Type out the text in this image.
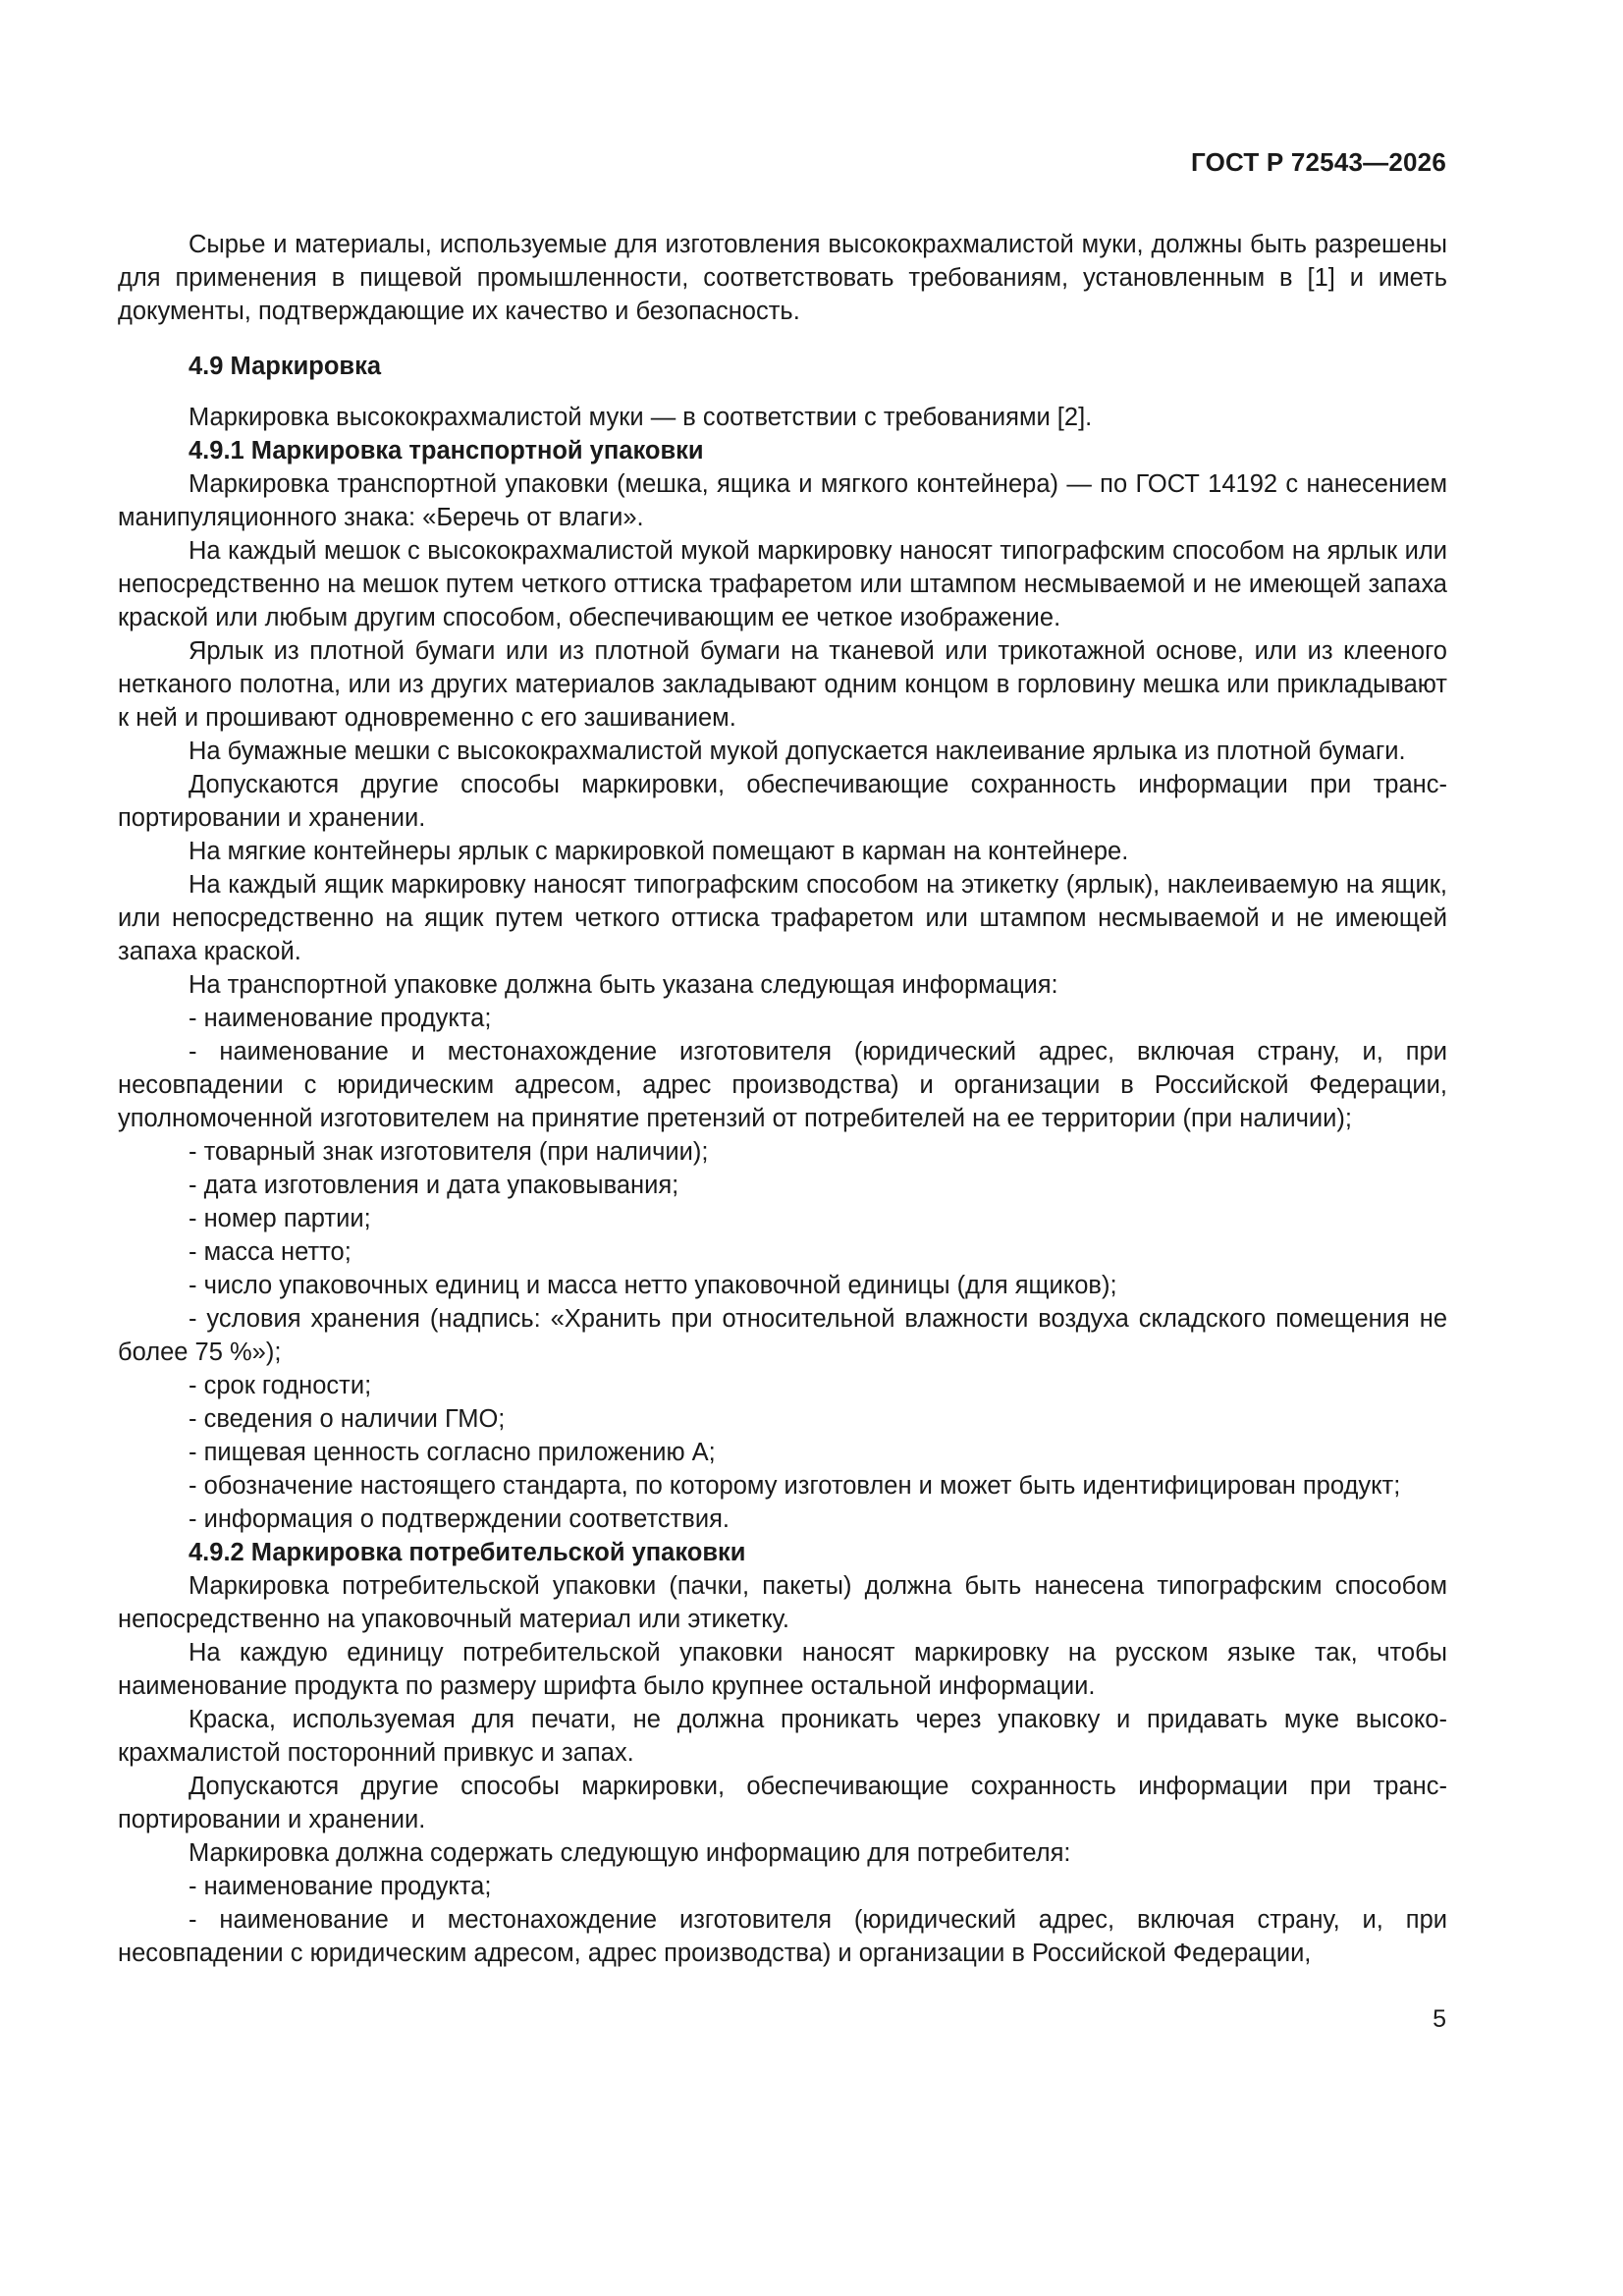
ГОСТ Р 72543—2026

Сырье и материалы, используемые для изготовления высококрахмалистой муки, должны быть разрешены для применения в пищевой промышленности, соответствовать требованиям, установленным в [1] и иметь документы, подтверждающие их качество и безопасность.

4.9 Маркировка

Маркировка высококрахмалистой муки — в соответствии с требованиями [2].

4.9.1 Маркировка транспортной упаковки

Маркировка транспортной упаковки (мешка, ящика и мягкого контейнера) — по ГОСТ 14192 с нанесением манипуляционного знака: «Беречь от влаги».

На каждый мешок с высококрахмалистой мукой маркировку наносят типографским способом на ярлык или непосредственно на мешок путем четкого оттиска трафаретом или штампом несмываемой и не имеющей запаха краской или любым другим способом, обеспечивающим ее четкое изображение.

Ярлык из плотной бумаги или из плотной бумаги на тканевой или трикотажной основе, или из клееного нетканого полотна, или из других материалов закладывают одним концом в горловину мешка или прикладывают к ней и прошивают одновременно с его зашиванием.

На бумажные мешки с высококрахмалистой мукой допускается наклеивание ярлыка из плотной бумаги.

Допускаются другие способы маркировки, обеспечивающие сохранность информации при транспортировании и хранении.

На мягкие контейнеры ярлык с маркировкой помещают в карман на контейнере.

На каждый ящик маркировку наносят типографским способом на этикетку (ярлык), наклеиваемую на ящик, или непосредственно на ящик путем четкого оттиска трафаретом или штампом несмываемой и не имеющей запаха краской.

На транспортной упаковке должна быть указана следующая информация:

- наименование продукта;

- наименование и местонахождение изготовителя (юридический адрес, включая страну, и, при несовпадении с юридическим адресом, адрес производства) и организации в Российской Федерации, уполномоченной изготовителем на принятие претензий от потребителей на ее территории (при наличии);

- товарный знак изготовителя (при наличии);

- дата изготовления и дата упаковывания;

- номер партии;

- масса нетто;

- число упаковочных единиц и масса нетто упаковочной единицы (для ящиков);

- условия хранения (надпись: «Хранить при относительной влажности воздуха складского помещения не более 75 %»);

- срок годности;

- сведения о наличии ГМО;

- пищевая ценность согласно приложению А;

- обозначение настоящего стандарта, по которому изготовлен и может быть идентифицирован продукт;

- информация о подтверждении соответствия.

4.9.2 Маркировка потребительской упаковки

Маркировка потребительской упаковки (пачки, пакеты) должна быть нанесена типографским способом непосредственно на упаковочный материал или этикетку.

На каждую единицу потребительской упаковки наносят маркировку на русском языке так, чтобы наименование продукта по размеру шрифта было крупнее остальной информации.

Краска, используемая для печати, не должна проникать через упаковку и придавать муке высококрахмалистой посторонний привкус и запах.

Допускаются другие способы маркировки, обеспечивающие сохранность информации при транспортировании и хранении.

Маркировка должна содержать следующую информацию для потребителя:

- наименование продукта;

- наименование и местонахождение изготовителя (юридический адрес, включая страну, и, при несовпадении с юридическим адресом, адрес производства) и организации в Российской Федерации,

5
